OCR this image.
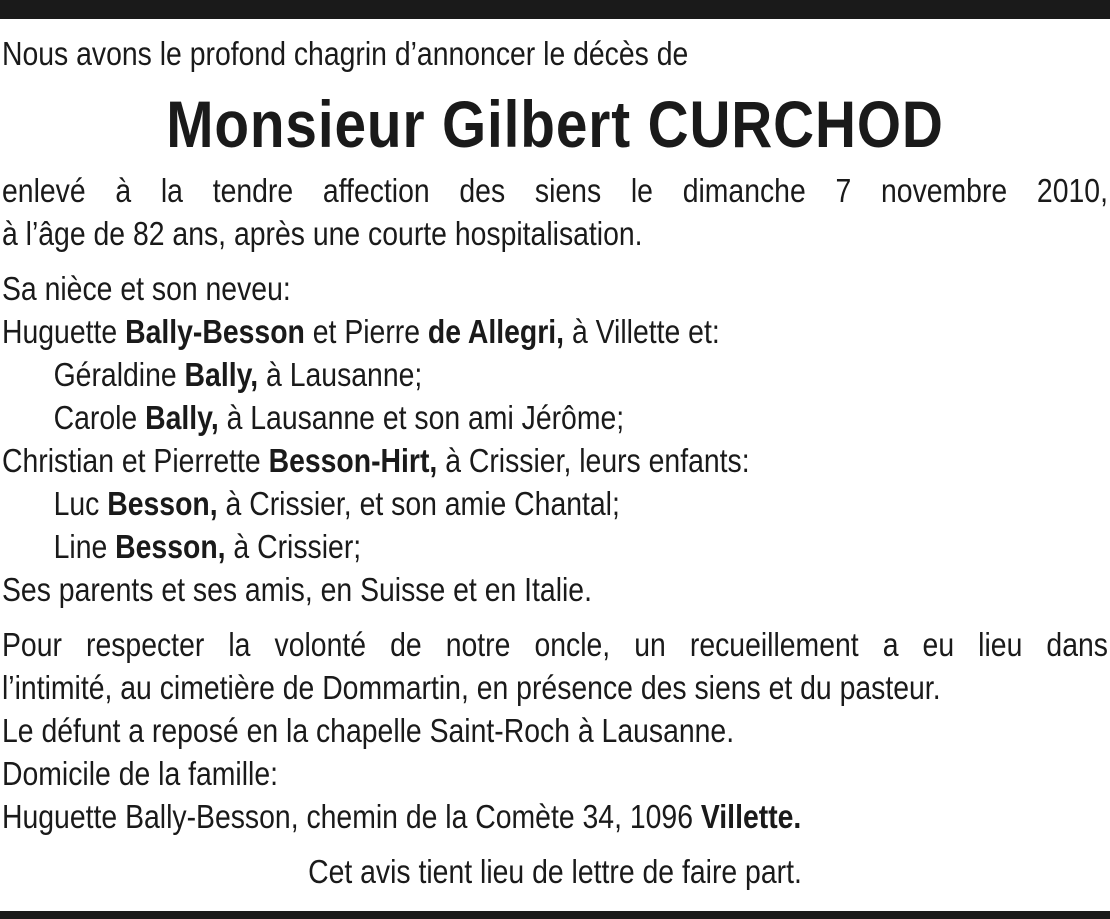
Nous avons le profond chagrin d’annoncer le décès de
Monsieur Gilbert CURCHOD
enlevé à la tendre affection des siens le dimanche 7 novembre 2010,
à l’âge de 82 ans, après une courte hospitalisation.
Sa nièce et son neveu:
Huguette Bally-Besson et Pierre de Allegri, à Villette et:
Géraldine Bally, à Lausanne;
Carole Bally, à Lausanne et son ami Jérôme;
Christian et Pierrette Besson-Hirt, à Crissier, leurs enfants:
Luc Besson, à Crissier, et son amie Chantal;
Line Besson, à Crissier;
Ses parents et ses amis, en Suisse et en Italie.
Pour respecter la volonté de notre oncle, un recueillement a eu lieu dans
l’intimité, au cimetière de Dommartin, en présence des siens et du pasteur.
Le défunt a reposé en la chapelle Saint-Roch à Lausanne.
Domicile de la famille:
Huguette Bally-Besson, chemin de la Comète 34, 1096 Villette.
Cet avis tient lieu de lettre de faire part.
